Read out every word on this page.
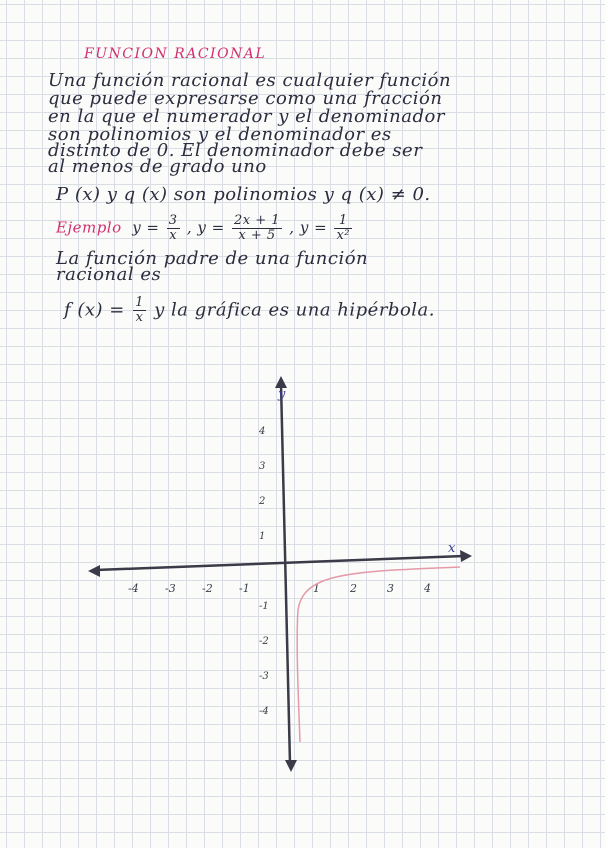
FUNCION RACIONAL
Una función racional es cualquier función
que puede expresarse como una fracción
en la que el numerador y el denominador
son polinomios y el denominador es
distinto de 0. El denominador debe ser
al menos de grado uno
P (x) y q (x) son polinomios y q (x) ≠ 0.
Ejemplo $y = \frac{3}{x}$ , $y = \frac{2x + 1}{x + 5}$ , $y = \frac{1}{\text{x²}}$
La función padre de una función
racional es
f $(x) = \frac{1}{x}$ y la gráfica es una hipérbola.
x
y
-4 -3 -2 -1	1	2	3	4
4
3
2
1
-1
-2
-3
-4
